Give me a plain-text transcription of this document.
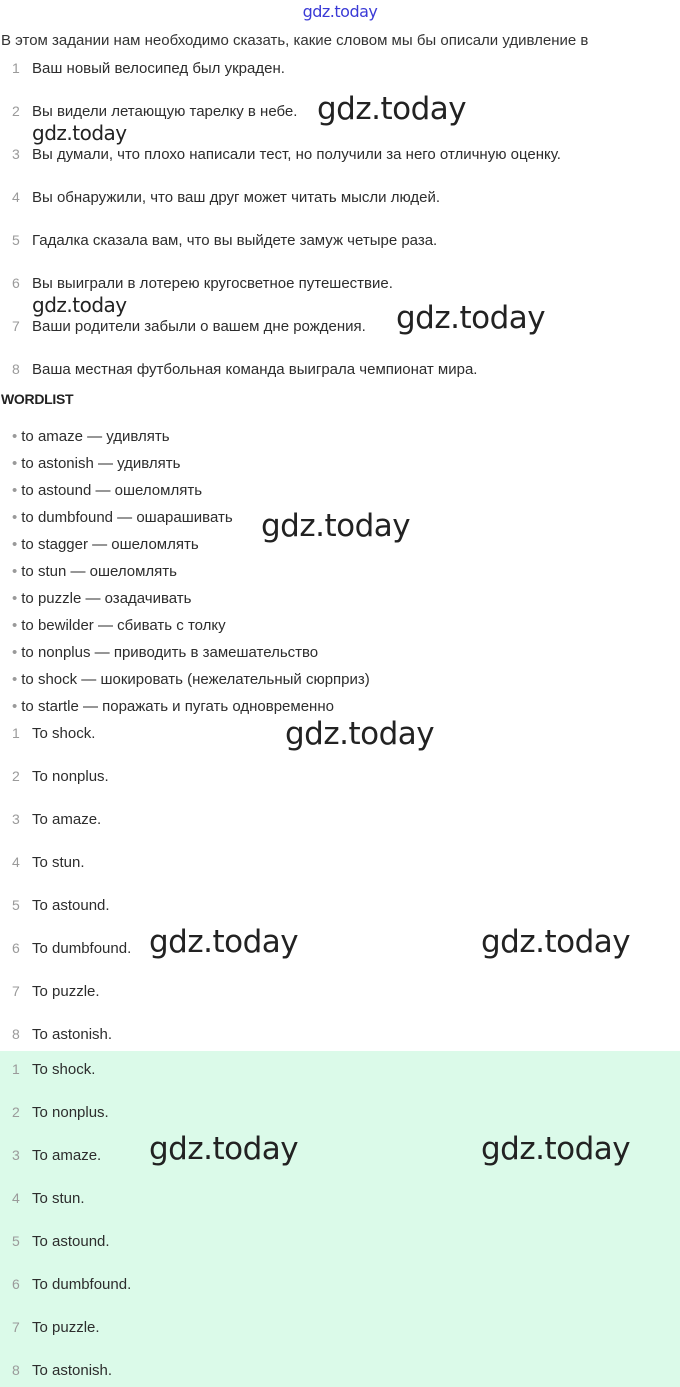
gdz.today
В этом задании нам необходимо сказать, какие словом мы бы описали удивление в
1 Ваш новый велосипед был украден.
2 Вы видели летающую тарелку в небе.
3 Вы думали, что плохо написали тест, но получили за него отличную оценку.
4 Вы обнаружили, что ваш друг может читать мысли людей.
5 Гадалка сказала вам, что вы выйдете замуж четыре раза.
6 Вы выиграли в лотерею кругосветное путешествие.
7 Ваши родители забыли о вашем дне рождения.
8 Ваша местная футбольная команда выиграла чемпионат мира.
WORDLIST
• to amaze — удивлять
• to astonish — удивлять
• to astound — ошеломлять
• to dumbfound — ошарашивать
• to stagger — ошеломлять
• to stun — ошеломлять
• to puzzle — озадачивать
• to bewilder — сбивать с толку
• to nonplus — приводить в замешательство
• to shock — шокировать (нежелательный сюрприз)
• to startle — поражать и пугать одновременно
1 To shock.
2 To nonplus.
3 To amaze.
4 To stun.
5 To astound.
6 To dumbfound.
7 To puzzle.
8 To astonish.
1 To shock.
2 To nonplus.
3 To amaze.
4 To stun.
5 To astound.
6 To dumbfound.
7 To puzzle.
8 To astonish.
gdz.today
gdz.today
gdz.today	gdz.today
gdz.today
gdz.today
gdz.today	gdz.today
gdz.today	gdz.today
